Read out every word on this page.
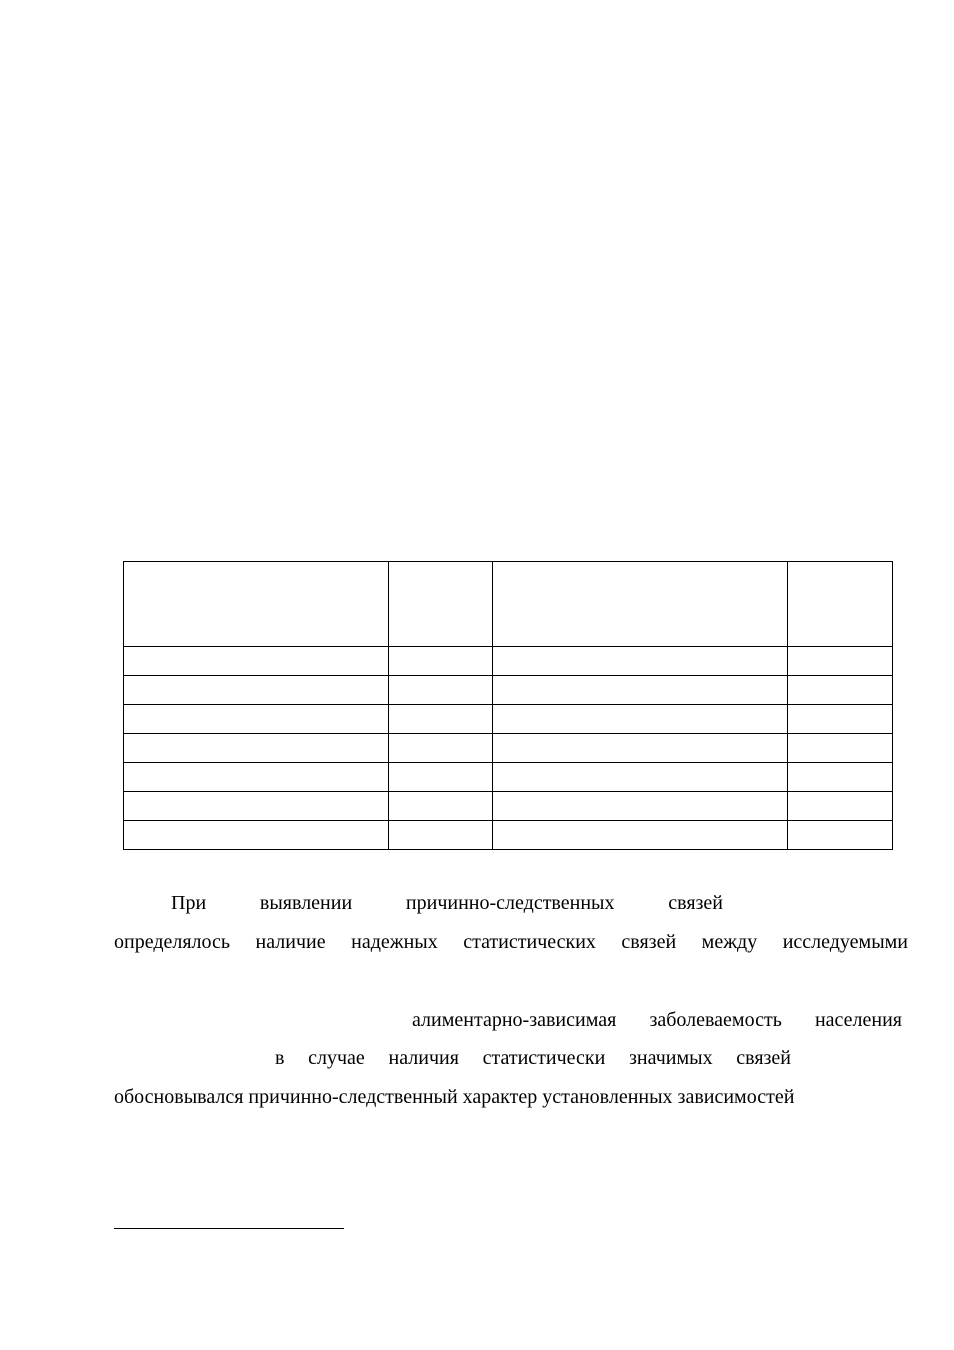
При выявлении причинно-следственных связей

определялось наличие надежных статистических связей между исследуемыми

алиментарно-зависимая заболеваемость населения

в случае наличия статистически значимых связей

обосновывался причинно-следственный характер установленных зависимостей
